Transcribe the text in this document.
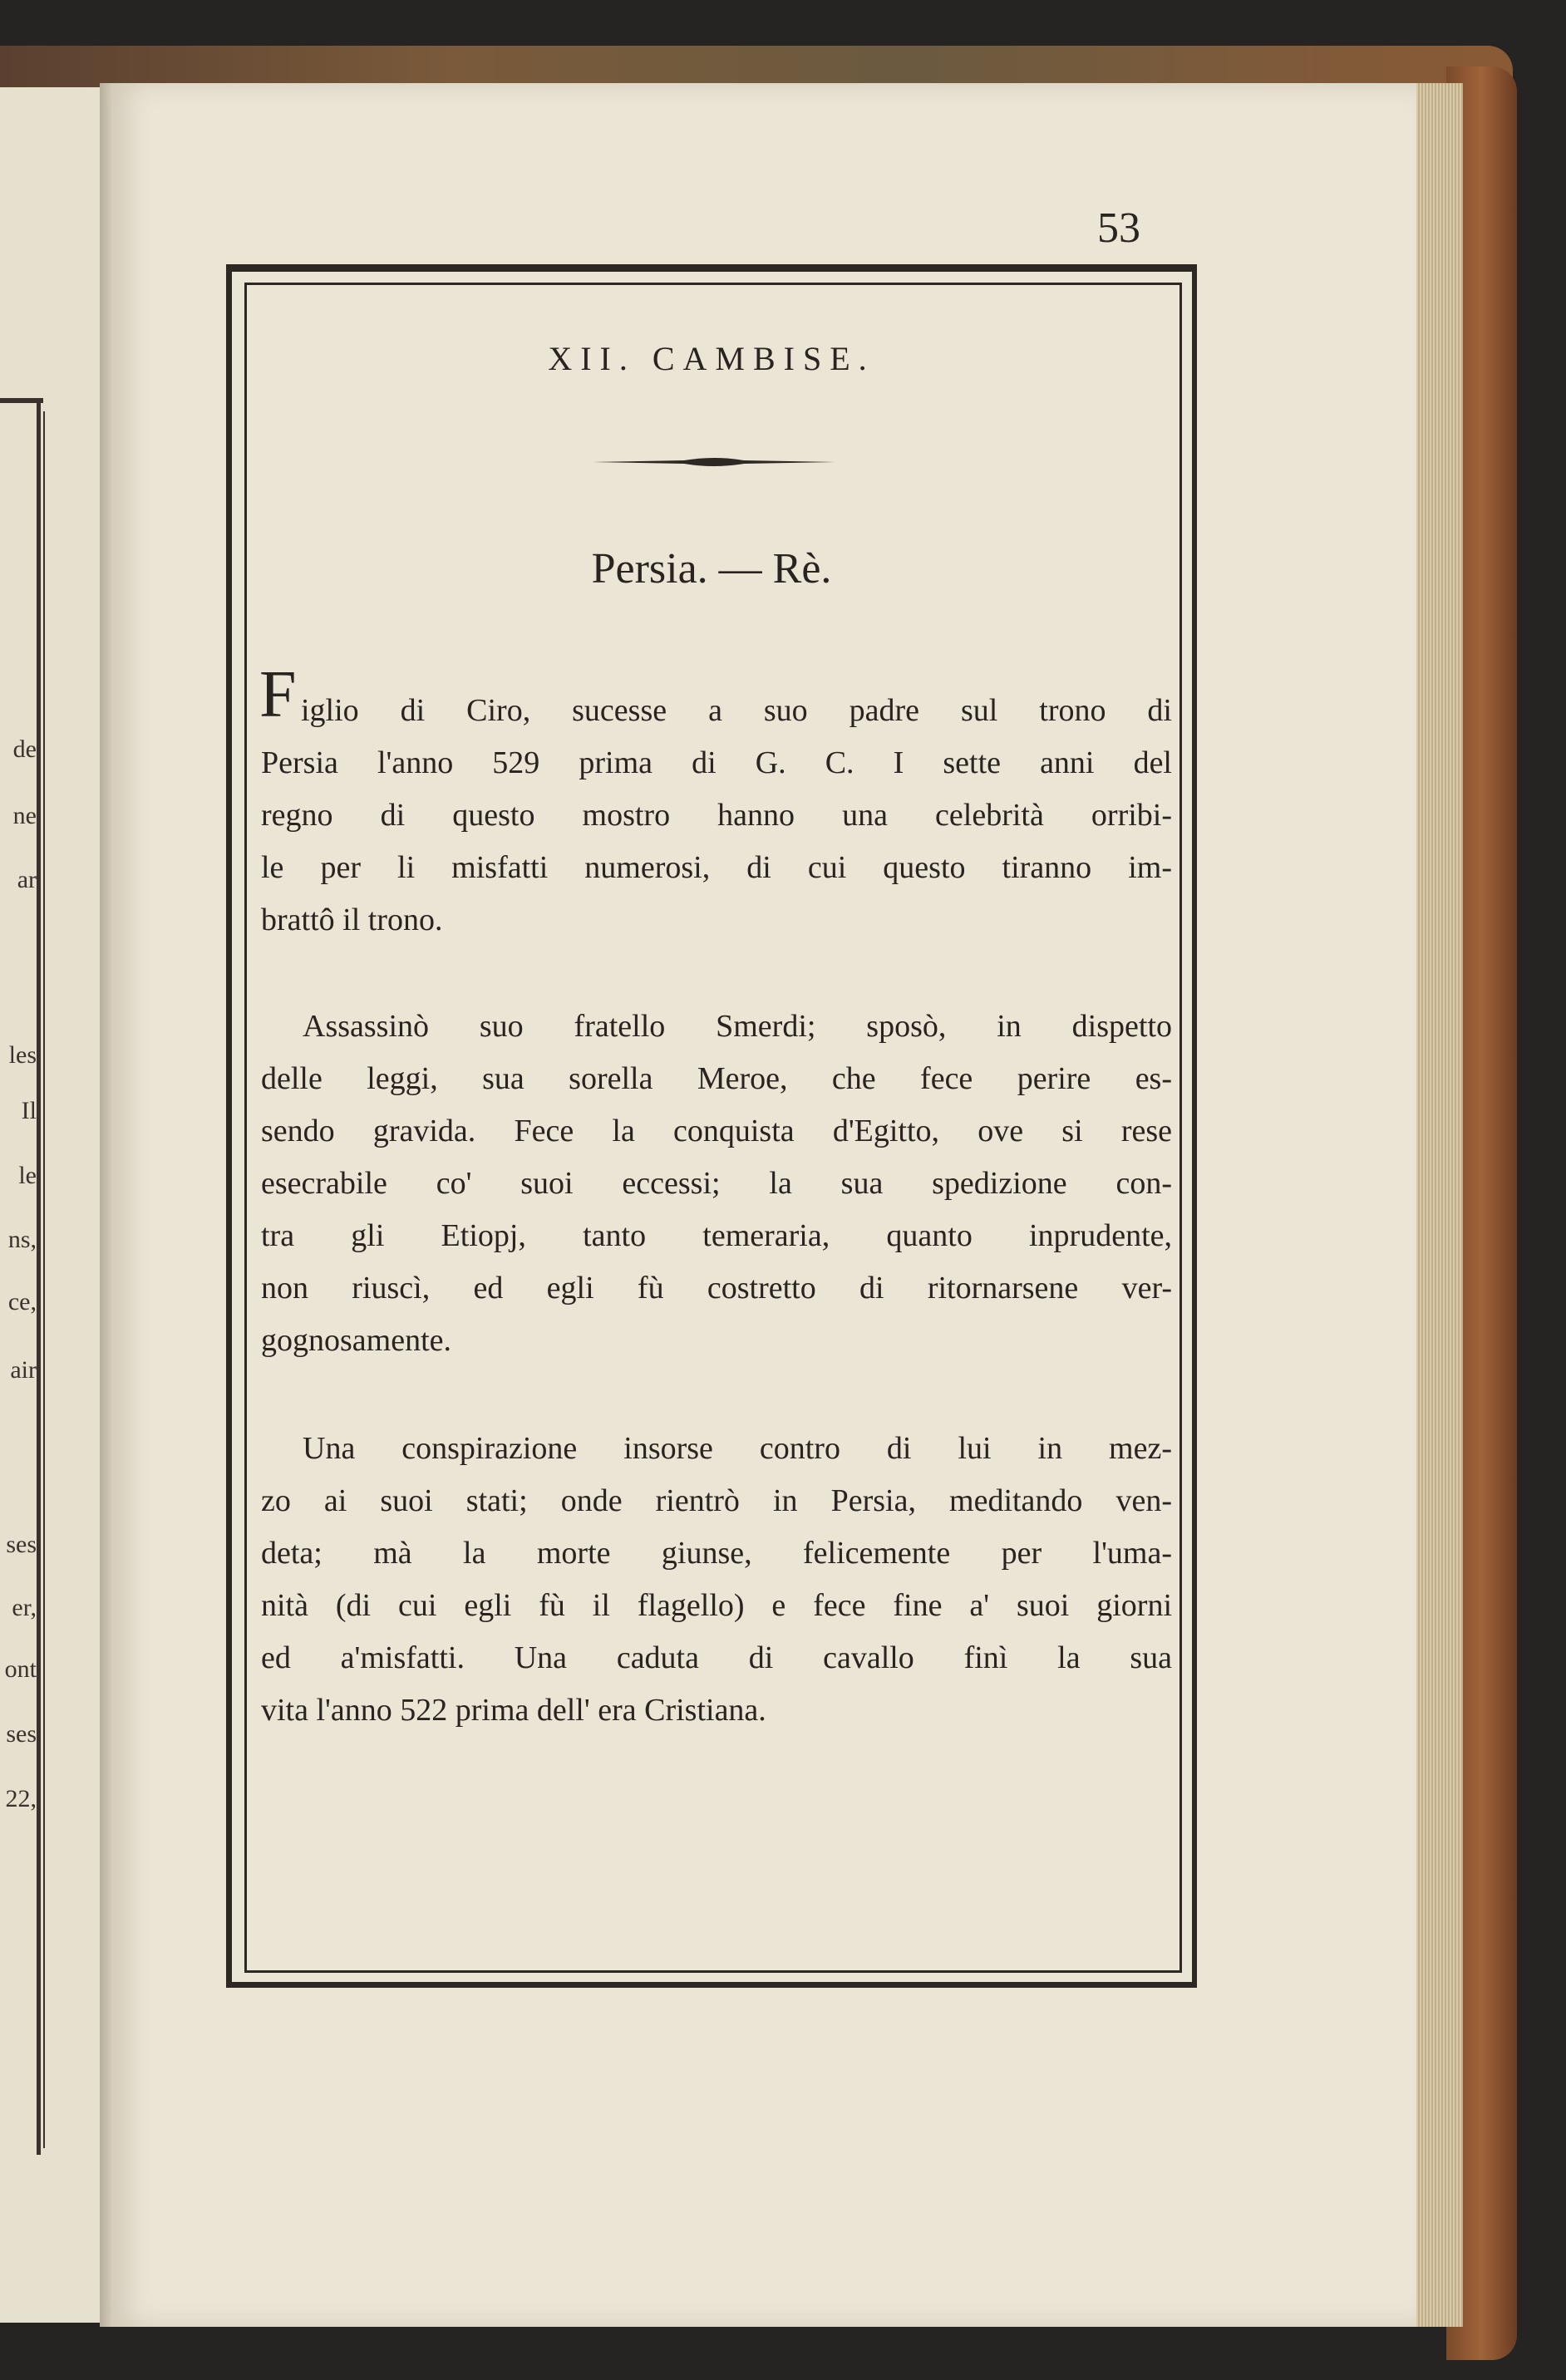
de
ne
ar
les
Il
le
ns,
ce,
air
ses
er,
ont
ses
22,
53
XII. CAMBISE.
Persia. — Rè.
F iglio di Ciro, sucesse a suo padre sul trono di
Persia l'anno 529 prima di G. C. I sette anni del
regno di questo mostro hanno una celebrità orribi-
le per li misfatti numerosi, di cui questo tiranno im-
brattô il trono.
Assassinò suo fratello Smerdi; sposò, in dispetto
delle leggi, sua sorella Meroe, che fece perire es-
sendo gravida. Fece la conquista d'Egitto, ove si rese
esecrabile co' suoi eccessi; la sua spedizione con-
tra gli Etiopj, tanto temeraria, quanto inprudente,
non riuscì, ed egli fù costretto di ritornarsene ver-
gognosamente.
Una conspirazione insorse contro di lui in mez-
zo ai suoi stati; onde rientrò in Persia, meditando ven-
deta; mà la morte giunse, felicemente per l'uma-
nità (di cui egli fù il flagello) e fece fine a' suoi giorni
ed a'misfatti. Una caduta di cavallo finì la sua
vita l'anno 522 prima dell' era Cristiana.
